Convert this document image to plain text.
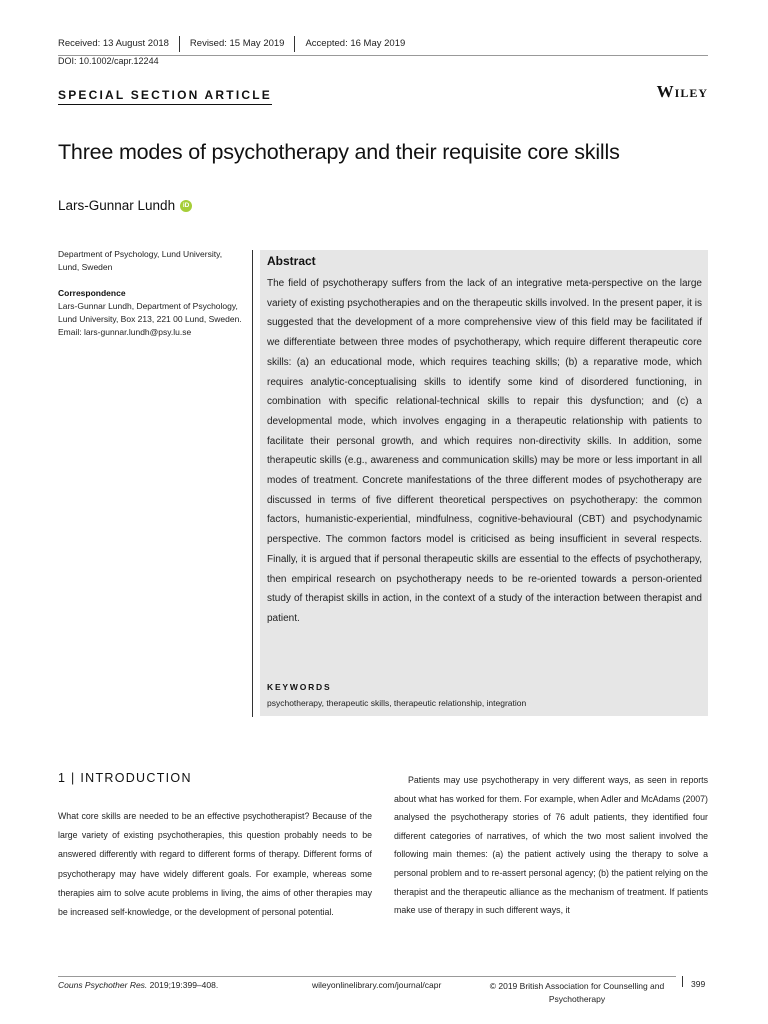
Received: 13 August 2018	Revised: 15 May 2019	Accepted: 16 May 2019
DOI: 10.1002/capr.12244
SPECIAL SECTION ARTICLE	Wiley
Three modes of psychotherapy and their requisite core skills
Lars-Gunnar Lundh	iD
Department of Psychology, Lund University, Lund, Sweden
Correspondence
Lars-Gunnar Lundh, Department of Psychology, Lund University, Box 213, 221 00 Lund, Sweden.
Email: lars-gunnar.lundh@psy.lu.se
Abstract
The field of psychotherapy suffers from the lack of an integrative meta-perspective on the large variety of existing psychotherapies and on the therapeutic skills involved. In the present paper, it is suggested that the development of a more comprehensive view of this field may be facilitated if we differentiate between three modes of psychotherapy, which require different therapeutic core skills: (a) an educational mode, which requires teaching skills; (b) a reparative mode, which requires analytic-conceptualising skills to identify some kind of disordered functioning, in combination with specific relational-technical skills to repair this dysfunction; and (c) a developmental mode, which involves engaging in a therapeutic relationship with patients to facilitate their personal growth, and which requires non-directivity skills. In addition, some therapeutic skills (e.g., awareness and communication skills) may be more or less important in all modes of treatment. Concrete manifestations of the three different modes of psychotherapy are discussed in terms of five different theoretical perspectives on psychotherapy: the common factors, humanistic-experiential, mindfulness, cognitive-behavioural (CBT) and psychodynamic perspective. The common factors model is criticised as being insufficient in several respects. Finally, it is argued that if personal therapeutic skills are essential to the effects of psychotherapy, then empirical research on psychotherapy needs to be re-oriented towards a person-oriented study of therapist skills in action, in the context of a study of the interaction between therapist and patient.
KEYWORDS
psychotherapy, therapeutic skills, therapeutic relationship, integration
1 | INTRODUCTION
What core skills are needed to be an effective psychotherapist? Because of the large variety of existing psychotherapies, this question probably needs to be answered differently with regard to different forms of therapy. Different forms of psychotherapy may have widely different goals. For example, whereas some therapies aim to solve acute problems in living, the aims of other therapies may be increased self-knowledge, or the development of personal potential.
Patients may use psychotherapy in very different ways, as seen in reports about what has worked for them. For example, when Adler and McAdams (2007) analysed the psychotherapy stories of 76 adult patients, they identified four different categories of narratives, of which the two most salient involved the following main themes: (a) the patient actively using the therapy to solve a personal problem and to re-assert personal agency; (b) the patient relying on the therapist and the therapeutic alliance as the mechanism of treatment. If patients make use of therapy in such different ways, it
Couns Psychother Res. 2019;19:399–408.	wileyonlinelibrary.com/journal/capr	© 2019 British Association for Counselling and Psychotherapy
399
